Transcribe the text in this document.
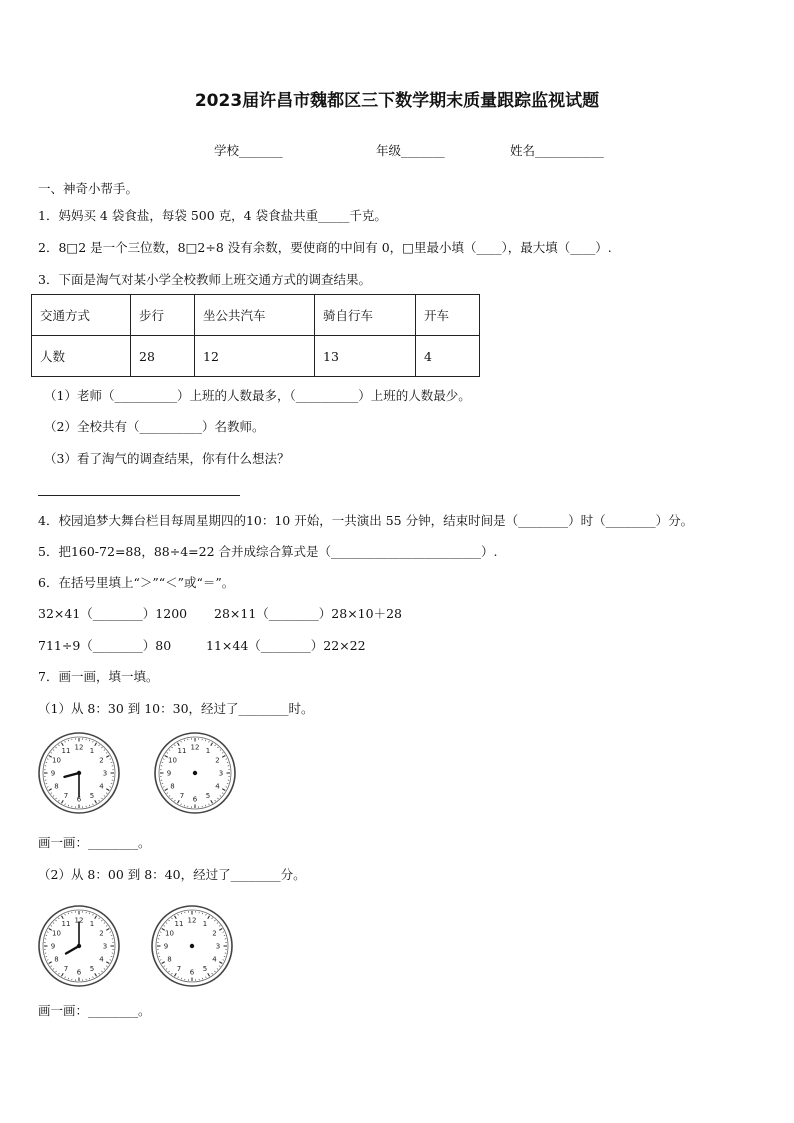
2023届许昌市魏都区三下数学期末质量跟踪监视试题
学校_______	年级_______	姓名___________
一、神奇小帮手。
1．妈妈买 4 袋食盐，每袋 500 克，4 袋食盐共重_____千克。
2．8□2 是一个三位数，8□2÷8 没有余数，要使商的中间有 0，□里最小填（____），最大填（____）.
3．下面是淘气对某小学全校教师上班交通方式的调查结果。
交通方式	步行	坐公共汽车	骑自行车	开车
人数	28	12	13	4
（1）老师（__________）上班的人数最多，（__________）上班的人数最少。
（2）全校共有（__________）名教师。
（3）看了淘气的调查结果，你有什么想法？
4．校园追梦大舞台栏目每周星期四的10：10 开始，一共演出 55 分钟，结束时间是（________）时（________）分。
5．把160-72=88，88÷4=22 合并成综合算式是（________________________）.
6．在括号里填上“＞”“＜”或“＝”。
32×41（________）1200 28×11（________）28×10＋28
711÷9（________）80	11×44（________）22×22
7．画一画，填一填。
（1）从 8：30 到 10：30，经过了________时。
12 1
2
3
4
5
6
7
8
9
10
11	12 1
2
3
4
5
6
7
8
9
10
11
画一画：________。
（2）从 8：00 到 8：40，经过了________分。
12 1
2
3
4
5
6
7
8
9
10
11	12 1
2
3
4
5
6
7
8
9
10
11
画一画：________。
